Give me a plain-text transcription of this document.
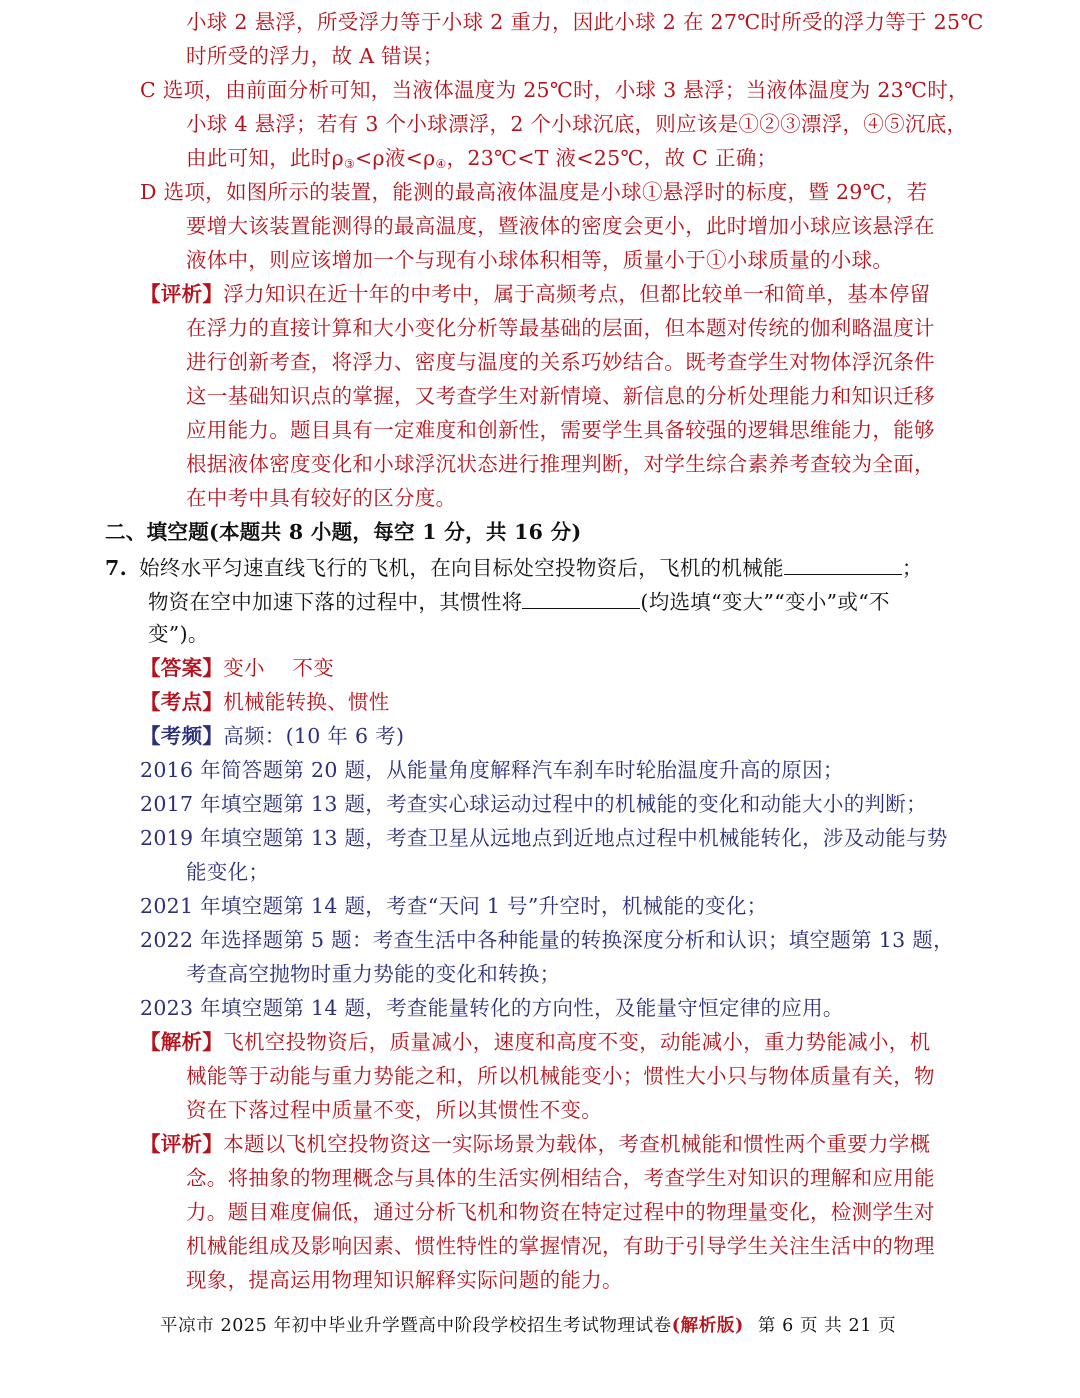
小球 2 悬浮，所受浮力等于小球 2 重力，因此小球 2 在 27℃时所受的浮力等于 25℃
时所受的浮力，故 A 错误；
C 选项，由前面分析可知，当液体温度为 25℃时，小球 3 悬浮；当液体温度为 23℃时，
小球 4 悬浮；若有 3 个小球漂浮，2 个小球沉底，则应该是①②③漂浮，④⑤沉底，
由此可知，此时$\rho_③<\rho$液$<\rho_④$，23℃<T 液<25℃，故 C 正确；
D 选项，如图所示的装置，能测的最高液体温度是小球①悬浮时的标度，暨 29℃，若
要增大该装置能测得的最高温度，暨液体的密度会更小，此时增加小球应该悬浮在
液体中，则应该增加一个与现有小球体积相等，质量小于①小球质量的小球。
【评析】浮力知识在近十年的中考中，属于高频考点，但都比较单一和简单，基本停留
在浮力的直接计算和大小变化分析等最基础的层面，但本题对传统的伽利略温度计
进行创新考查，将浮力、密度与温度的关系巧妙结合。既考查学生对物体浮沉条件
这一基础知识点的掌握，又考查学生对新情境、新信息的分析处理能力和知识迁移
应用能力。题目具有一定难度和创新性，需要学生具备较强的逻辑思维能力，能够
根据液体密度变化和小球浮沉状态进行推理判断，对学生综合素养考查较为全面，
在中考中具有较好的区分度。
二、填空题(本题共 8 小题，每空 1 分，共 16 分)
7. 始终水平匀速直线飞行的飞机，在向目标处空投物资后，飞机的机械能	；
物资在空中加速下落的过程中，其惯性将	(均选填“变大”“变小”或“不
变”)。
【答案】变小　 不变
【考点】机械能转换、惯性
【考频】高频：(10 年 6 考)
2016 年简答题第 20 题，从能量角度解释汽车刹车时轮胎温度升高的原因；
2017 年填空题第 13 题，考查实心球运动过程中的机械能的变化和动能大小的判断；
2019 年填空题第 13 题，考查卫星从远地点到近地点过程中机械能转化，涉及动能与势
能变化；
2021 年填空题第 14 题，考查“天问 1 号”升空时，机械能的变化；
2022 年选择题第 5 题：考查生活中各种能量的转换深度分析和认识；填空题第 13 题，
考查高空抛物时重力势能的变化和转换；
2023 年填空题第 14 题，考查能量转化的方向性，及能量守恒定律的应用。
【解析】飞机空投物资后，质量减小，速度和高度不变，动能减小，重力势能减小，机
械能等于动能与重力势能之和，所以机械能变小；惯性大小只与物体质量有关，物
资在下落过程中质量不变，所以其惯性不变。
【评析】本题以飞机空投物资这一实际场景为载体，考查机械能和惯性两个重要力学概
念。将抽象的物理概念与具体的生活实例相结合，考查学生对知识的理解和应用能
力。题目难度偏低，通过分析飞机和物资在特定过程中的物理量变化，检测学生对
机械能组成及影响因素、惯性特性的掌握情况，有助于引导学生关注生活中的物理
现象，提高运用物理知识解释实际问题的能力。
平凉市 2025 年初中毕业升学暨高中阶段学校招生考试物理试卷(解析版) 第 6 页 共 21 页
